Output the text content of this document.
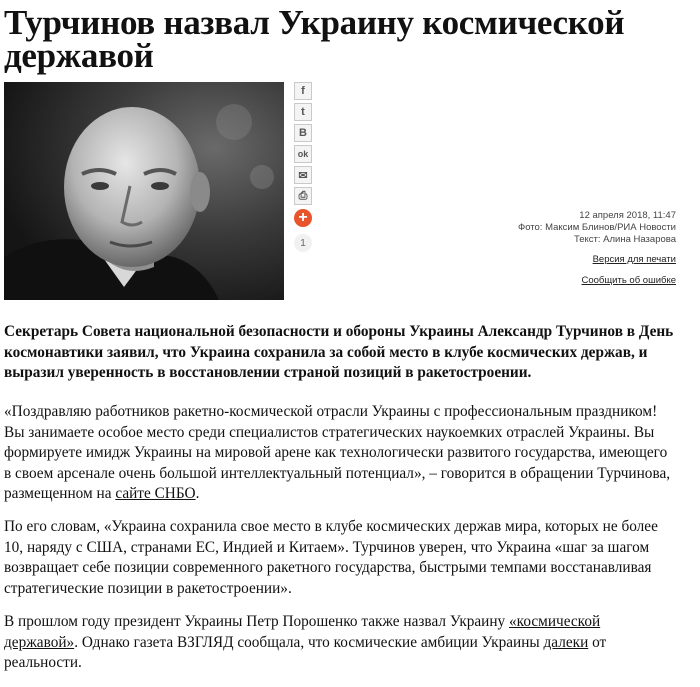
Турчинов назвал Украину космической державой
f
t
B
ok
✉
⎙
+
1
12 апреля 2018, 11:47
Фото: Максим Блинов/РИА Новости
Текст: Алина Назарова
Версия для печати
Сообщить об ошибке

Секретарь Совета национальной безопасности и обороны Украины Александр Турчинов в День космонавтики заявил, что Украина сохранила за собой место в клубе космических держав, и выразил уверенность в восстановлении страной позиций в ракетостроении.

«Поздравляю работников ракетно-космической отрасли Украины с профессиональным праздником! Вы занимаете особое место среди специалистов стратегических наукоемких отраслей Украины. Вы формируете имидж Украины на мировой арене как технологически развитого государства, имеющего в своем арсенале очень большой интеллектуальный потенциал», – говорится в обращении Турчинова, размещенном на сайте СНБО.

По его словам, «Украина сохранила свое место в клубе космических держав мира, которых не более 10, наряду с США, странами ЕС, Индией и Китаем». Турчинов уверен, что Украина «шаг за шагом возвращает себе позиции современного ракетного государства, быстрыми темпами восстанавливая стратегические позиции в ракетостроении».

В прошлом году президент Украины Петр Порошенко также назвал Украину «космической державой». Однако газета ВЗГЛЯД сообщала, что космические амбиции Украины далеки от реальности.
